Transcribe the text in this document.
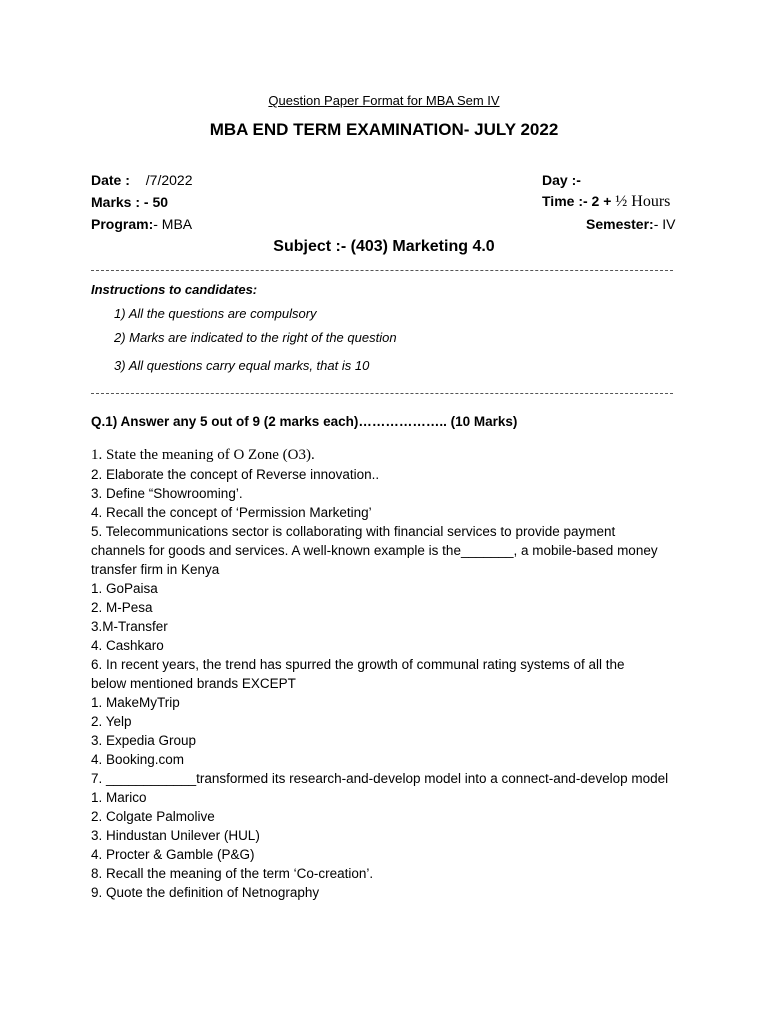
Question Paper Format for MBA Sem IV
MBA END TERM EXAMINATION- JULY 2022
Date : /7/2022	Day :-
Marks : - 50	Time :- 2 + ½ Hours
Program:- MBA	Semester:- IV
Subject :- (403) Marketing 4.0
Instructions to candidates:
1) All the questions are compulsory
2) Marks are indicated to the right of the question
3) All questions carry equal marks, that is 10
Q.1) Answer any 5 out of 9 (2 marks each)……………….. (10 Marks)
1. State the meaning of O Zone (O3).
2. Elaborate the concept of Reverse innovation..
3. Define “Showrooming’.
4. Recall the concept of ‘Permission Marketing’
5. Telecommunications sector is collaborating with financial services to provide payment
channels for goods and services. A well-known example is the_______, a mobile-based money
transfer firm in Kenya
1. GoPaisa
2. M-Pesa
3.M-Transfer
4. Cashkaro
6. In recent years, the trend has spurred the growth of communal rating systems of all the
below mentioned brands EXCEPT
1. MakeMyTrip
2. Yelp
3. Expedia Group
4. Booking.com
7. ____________transformed its research-and-develop model into a connect-and-develop model
1. Marico
2. Colgate Palmolive
3. Hindustan Unilever (HUL)
4. Procter & Gamble (P&G)
8. Recall the meaning of the term ‘Co-creation’.
9. Quote the definition of Netnography
